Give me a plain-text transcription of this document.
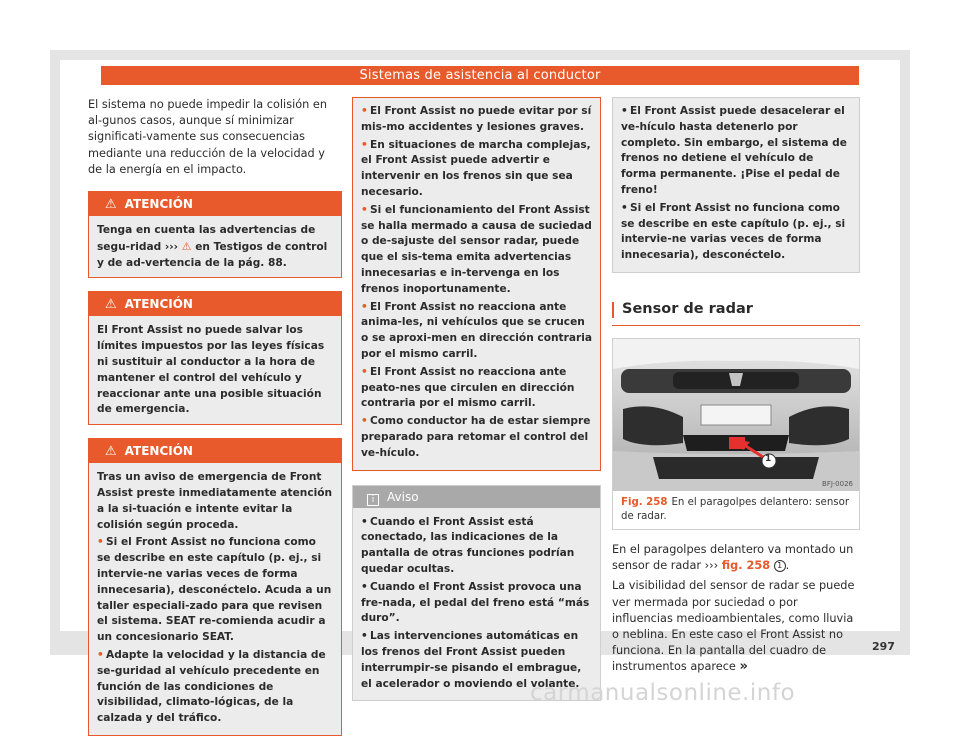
Sistemas de asistencia al conductor

El sistema no puede impedir la colisión en al-gunos casos, aunque sí minimizar significati-vamente sus consecuencias mediante una reducción de la velocidad y de la energía en el impacto.

⚠ ATENCIÓN
Tenga en cuenta las advertencias de segu-ridad ››› ⚠ en Testigos de control y de ad-vertencia de la pág. 88.
⚠ ATENCIÓN
El Front Assist no puede salvar los límites impuestos por las leyes físicas ni sustituir al conductor a la hora de mantener el control del vehículo y reaccionar ante una posible situación de emergencia.
⚠ ATENCIÓN
Tras un aviso de emergencia de Front Assist preste inmediatamente atención a la si-tuación e intente evitar la colisión según proceda.
• Si el Front Assist no funciona como se describe en este capítulo (p. ej., si intervie-ne varias veces de forma innecesaria), desconéctelo. Acuda a un taller especiali-zado para que revisen el sistema. SEAT re-comienda acudir a un concesionario SEAT.
• Adapte la velocidad y la distancia de se-guridad al vehículo precedente en función de las condiciones de visibilidad, climato-lógicas, de la calzada y del tráfico.
• El Front Assist no puede evitar por sí mis-mo accidentes y lesiones graves.
• En situaciones de marcha complejas, el Front Assist puede advertir e intervenir en los frenos sin que sea necesario.
• Si el funcionamiento del Front Assist se halla mermado a causa de suciedad o de-sajuste del sensor radar, puede que el sis-tema emita advertencias innecesarias e in-tervenga en los frenos inoportunamente.
• El Front Assist no reacciona ante anima-les, ni vehículos que se crucen o se aproxi-men en dirección contraria por el mismo carril.
• El Front Assist no reacciona ante peato-nes que circulen en dirección contraria por el mismo carril.
• Como conductor ha de estar siempre preparado para retomar el control del ve-hículo.
i Aviso
• Cuando el Front Assist está conectado, las indicaciones de la pantalla de otras funciones podrían quedar ocultas.
• Cuando el Front Assist provoca una fre-nada, el pedal del freno está “más duro”.
• Las intervenciones automáticas en los frenos del Front Assist pueden interrumpir-se pisando el embrague, el acelerador o moviendo el volante.
• El Front Assist puede desacelerar el ve-hículo hasta detenerlo por completo. Sin embargo, el sistema de frenos no detiene el vehículo de forma permanente. ¡Pise el pedal de freno!
• Si el Front Assist no funciona como se describe en este capítulo (p. ej., si intervie-ne varias veces de forma innecesaria), desconéctelo.
Sensor de radar
1
BFJ-0026
Fig. 258 En el paragolpes delantero: sensor de radar.

En el paragolpes delantero va montado un sensor de radar ››› fig. 258 1 .

La visibilidad del sensor de radar se puede ver mermada por suciedad o por influencias medioambientales, como lluvia o neblina. En este caso el Front Assist no funciona. En la pantalla del cuadro de instrumentos aparece »

297
carmanualsonline.info
